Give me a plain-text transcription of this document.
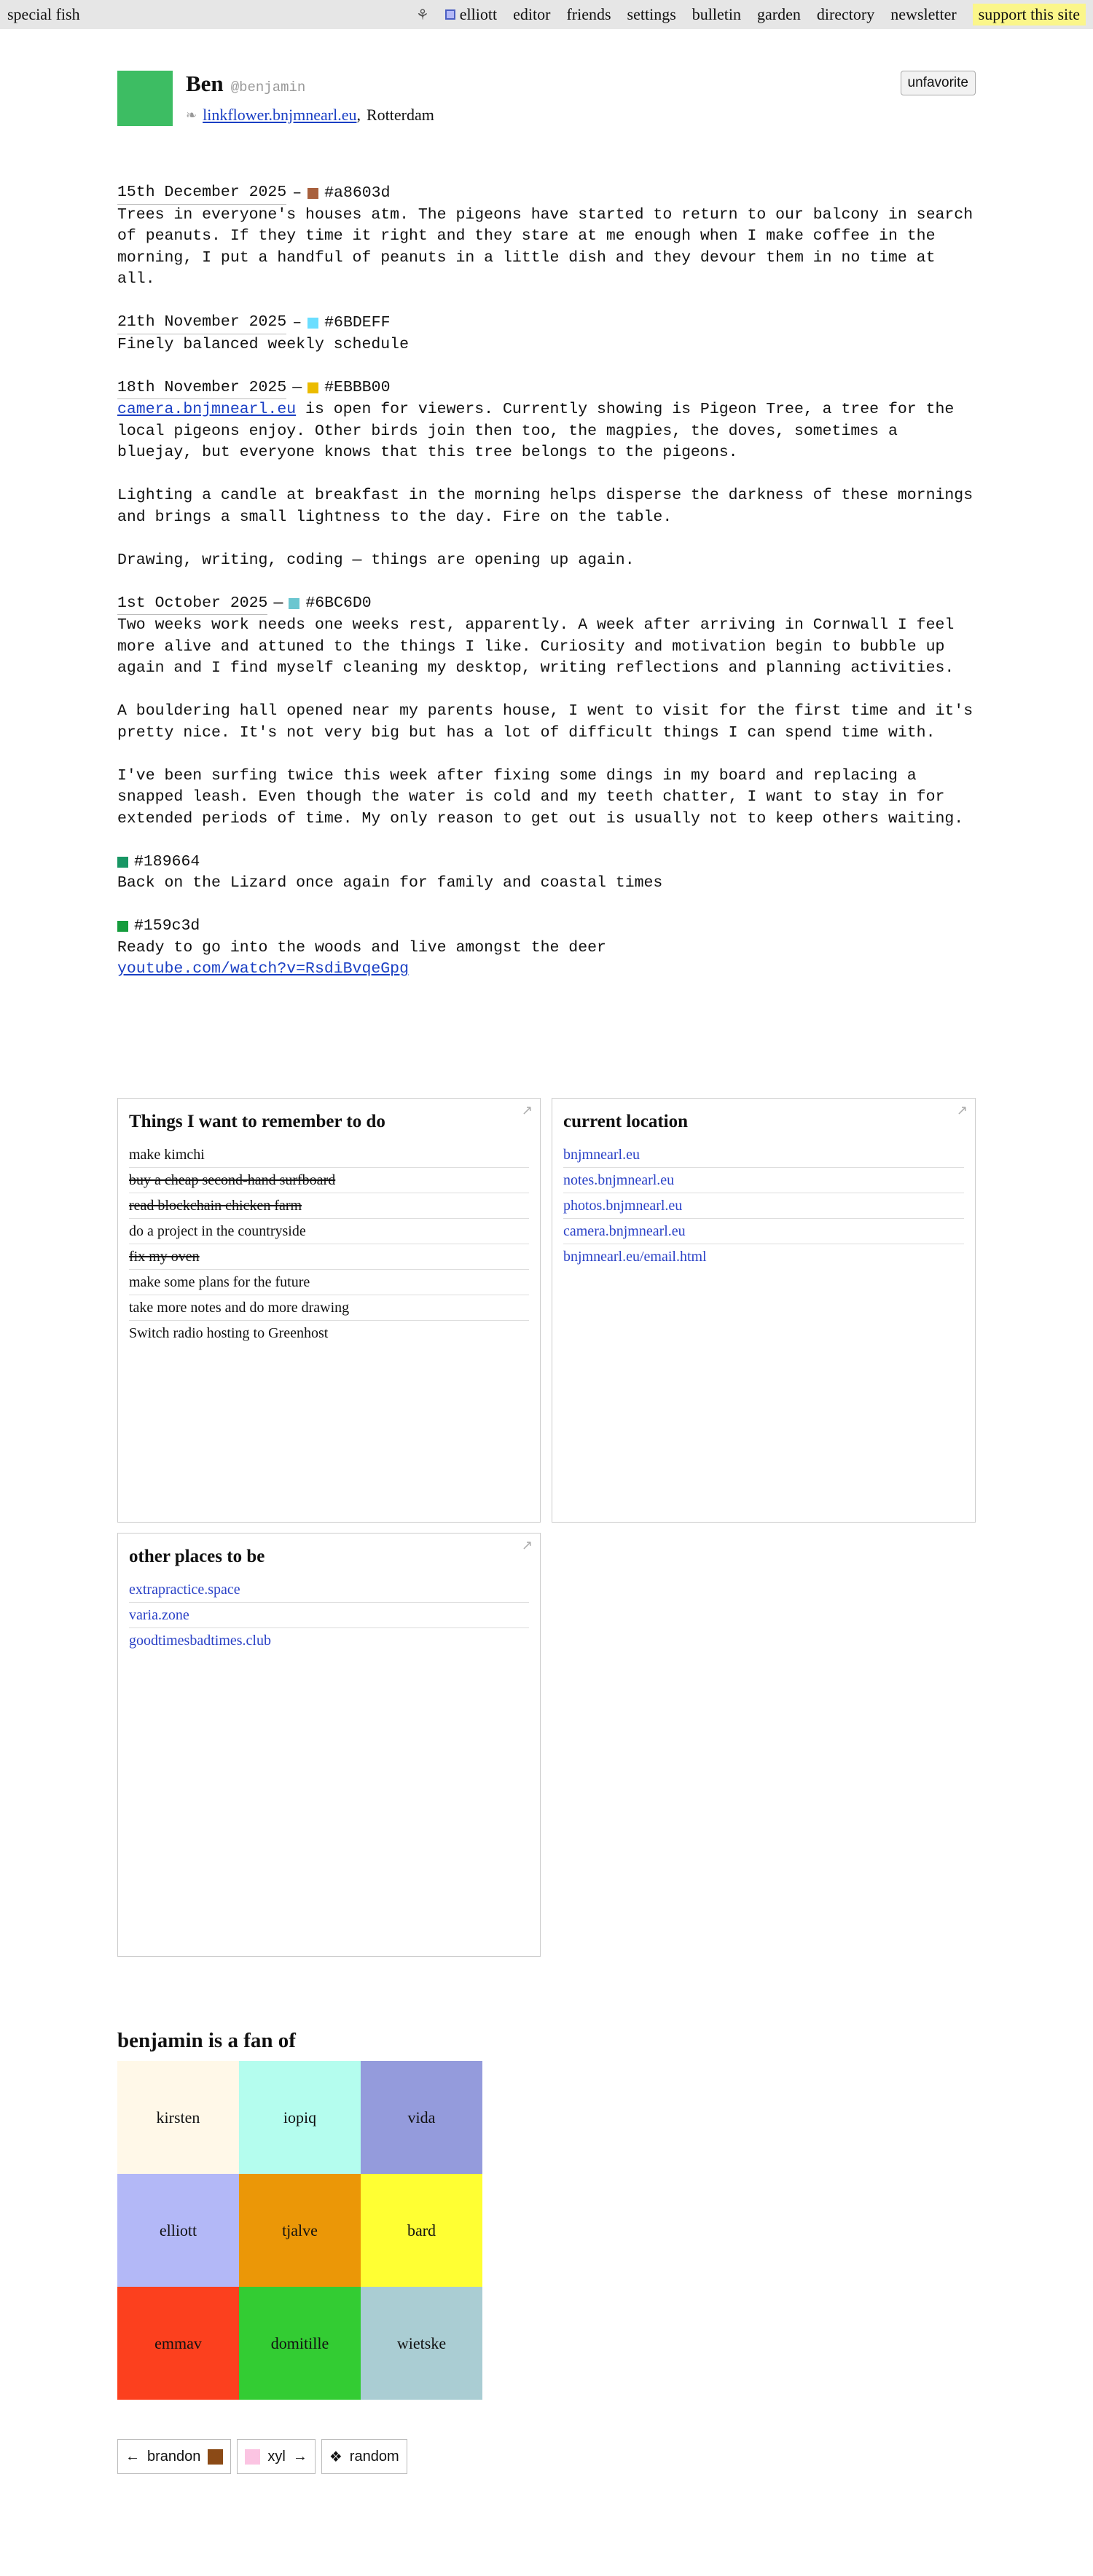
special fish	⚘ elliott editor friends settings bulletin garden directory newsletter	support this site
Ben @benjamin
❧ linkflower.bnjmnearl.eu , Rotterdam
unfavorite
15th December 2025 – #a8603d

Trees in everyone's houses atm. The pigeons have started to return to our balcony in search of peanuts. If they time it right and they stare at me enough when I make coffee in the morning, I put a handful of peanuts in a little dish and they devour them in no time at all.

21th November 2025 – #6BDEFF

Finely balanced weekly schedule

18th November 2025 — #EBBB00

camera.bnjmnearl.eu is open for viewers. Currently showing is Pigeon Tree, a tree for the local pigeons enjoy. Other birds join then too, the magpies, the doves, sometimes a bluejay, but everyone knows that this tree belongs to the pigeons.

Lighting a candle at breakfast in the morning helps disperse the darkness of these mornings and brings a small lightness to the day. Fire on the table.

Drawing, writing, coding — things are opening up again.

1st October 2025 — #6BC6D0

Two weeks work needs one weeks rest, apparently. A week after arriving in Cornwall I feel more alive and attuned to the things I like. Curiosity and motivation begin to bubble up again and I find myself cleaning my desktop, writing reflections and planning activities.

A bouldering hall opened near my parents house, I went to visit for the first time and it's pretty nice. It's not very big but has a lot of difficult things I can spend time with.

I've been surfing twice this week after fixing some dings in my board and replacing a snapped leash. Even though the water is cold and my teeth chatter, I want to stay in for extended periods of time. My only reason to get out is usually not to keep others waiting.

#189664

Back on the Lizard once again for family and coastal times

#159c3d

Ready to go into the woods and live amongst the deer
youtube.com/watch?v=RsdiBvqeGpg

↗
Things I want to remember to do
make kimchi
buy a cheap second-hand surfboard
read blockchain chicken farm
do a project in the countryside
fix my oven
make some plans for the future
take more notes and do more drawing
Switch radio hosting to Greenhost
↗
current location
bnjmnearl.eu
notes.bnjmnearl.eu
photos.bnjmnearl.eu
camera.bnjmnearl.eu
bnjmnearl.eu/email.html
↗
other places to be
extrapractice.space
varia.zone
goodtimesbadtimes.club
benjamin is a fan of
kirsten	iopiq	vida
elliott	tjalve	bard
emmav	domitille	wietske
← brandon	xyl → ❖ random
